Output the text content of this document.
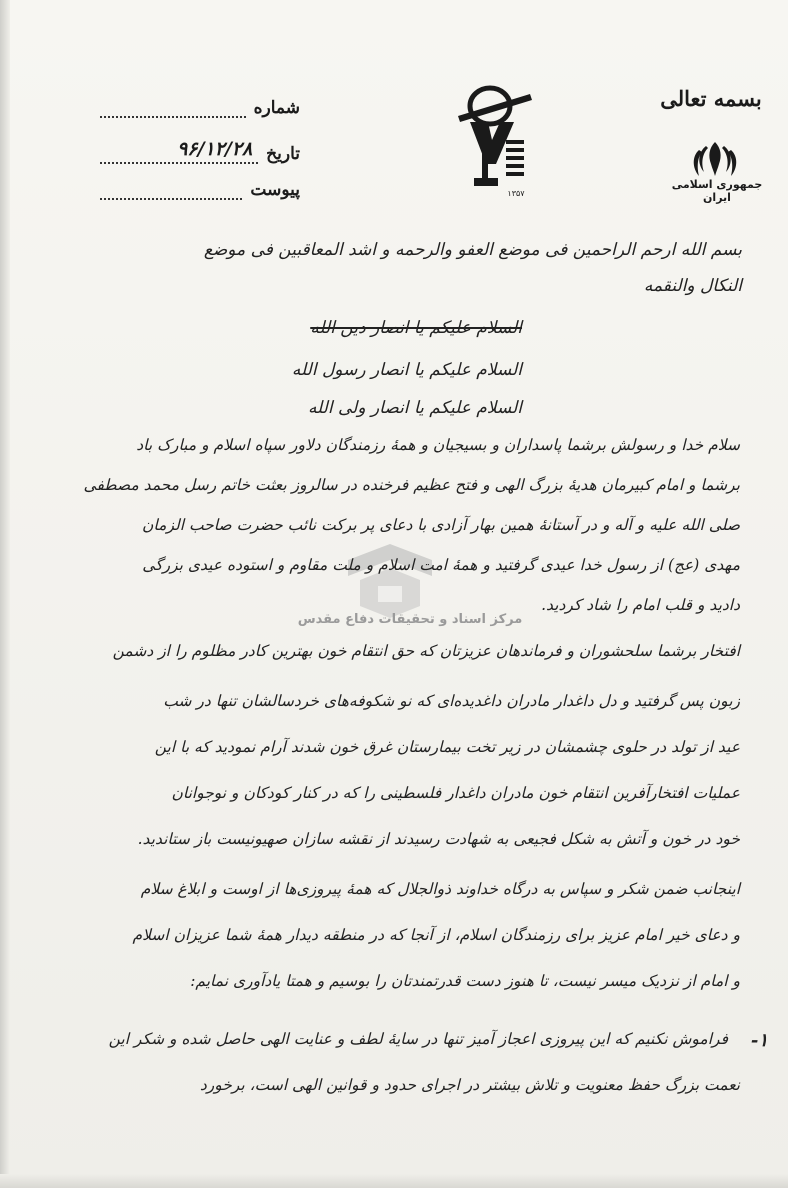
بسمه تعالی
جمهوری اسلامی ایران
۱۳۵۷
شماره
تاریخ
۹۶/۱۲/۲۸
پیوست
بسم الله ارحم الراحمین فی موضع العفو والرحمه و اشد المعاقبین فی موضع
النکال والنقمه
السلام علیکم یا انصار دین الله
السلام علیکم یا انصار رسول الله
السلام علیکم یا انصار ولی الله
مرکز اسناد و تحقیقات دفاع مقدس
سلام خدا و رسولش برشما پاسداران و بسیجیان و همهٔ رزمندگان دلاور سپاه اسلام و مبارک باد
برشما و امام کبیرمان هدیهٔ بزرگ الهی و فتح عظیم فرخنده در سالروز بعثت خاتم رسل محمد مصطفی
صلی الله علیه و آله و در آستانهٔ همین بهار آزادی با دعای پر برکت نائب حضرت صاحب الزمان
مهدی (عج) از رسول خدا عیدی گرفتید و همهٔ امت اسلام و ملت مقاوم و استوده عیدی بزرگی
دادید و قلب امام را شاد کردید.
افتخار برشما سلحشوران و فرماندهان عزیزتان که حق انتقام خون بهترین کادر مظلوم را از دشمن
زبون پس گرفتید و دل داغدار مادران داغدیده‌ای که نو شکوفه‌های خردسالشان تنها در شب
عید از تولد در حلوی چشمشان در زیر تخت بیمارستان غرق خون شدند آرام نمودید که با این
عملیات افتخارآفرین انتقام خون مادران داغدار فلسطینی را که در کنار کودکان و نوجوانان
خود در خون و آتش به شکل فجیعی به شهادت رسیدند از نقشه سازان صهیونیست باز ستاندید.
اینجانب ضمن شکر و سپاس به درگاه خداوند ذوالجلال که همهٔ پیروزی‌ها از اوست و ابلاغ سلام
و دعای خیر امام عزیز برای رزمندگان اسلام، از آنجا که در منطقه دیدار همهٔ شما عزیزان اسلام
و امام از نزدیک میسر نیست، تا هنوز دست قدرتمندتان را بوسیم و همتا یادآوری نمایم:
۱-
فراموش نکنیم که این پیروزی اعجاز آمیز تنها در سایهٔ لطف و عنایت الهی حاصل شده و شکر این
نعمت بزرگ حفظ معنویت و تلاش بیشتر در اجرای حدود و قوانین الهی است، برخورد
